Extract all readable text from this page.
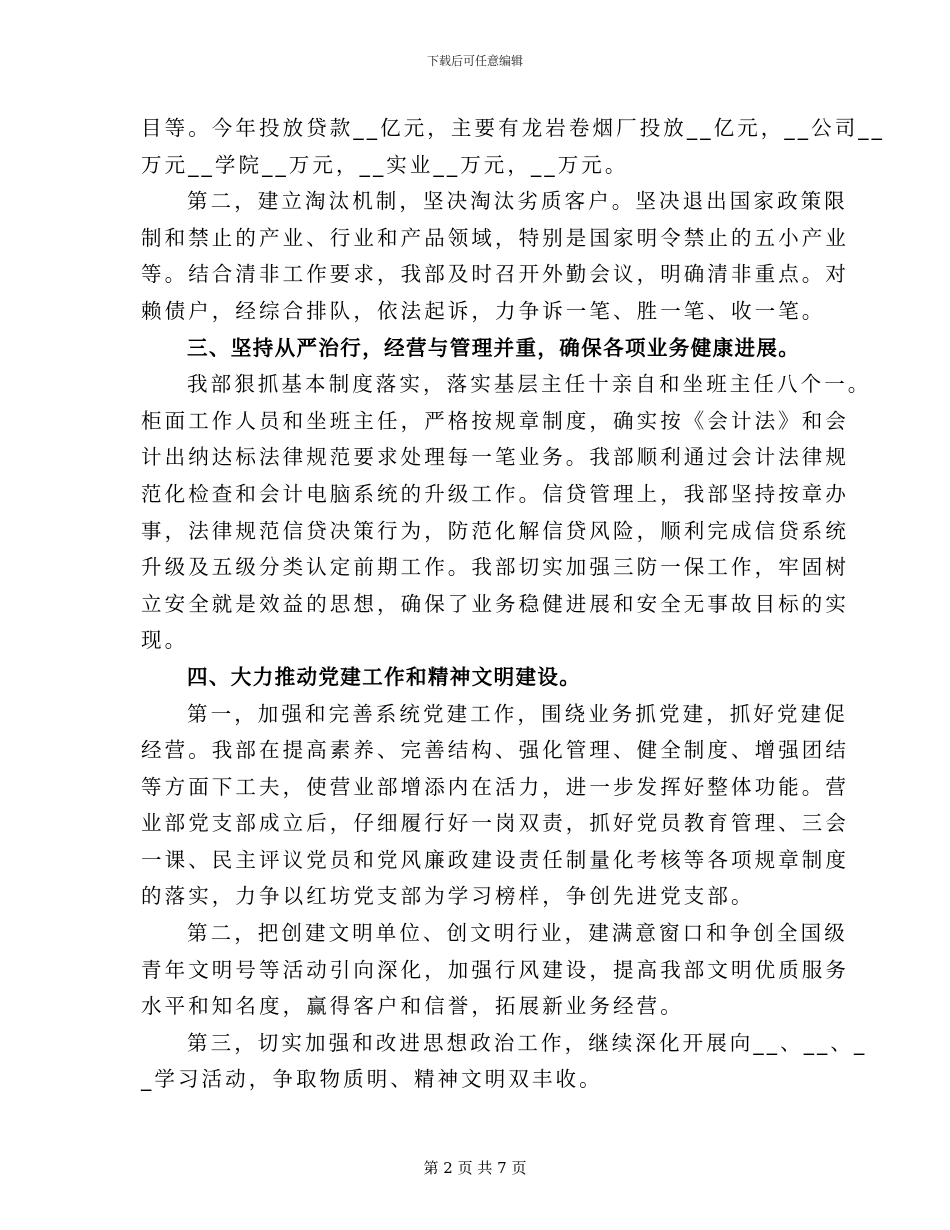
下载后可任意编辑
目等。今年投放贷款__亿元，主要有龙岩卷烟厂投放__亿元，__公司__
万元__学院__万元，__实业__万元，__万元。
第二，建立淘汰机制，坚决淘汰劣质客户。坚决退出国家政策限
制和禁止的产业、行业和产品领域，特别是国家明令禁止的五小产业
等。结合清非工作要求，我部及时召开外勤会议，明确清非重点。对
赖债户，经综合排队，依法起诉，力争诉一笔、胜一笔、收一笔。
三、坚持从严治行，经营与管理并重，确保各项业务健康进展。
我部狠抓基本制度落实，落实基层主任十亲自和坐班主任八个一。
柜面工作人员和坐班主任，严格按规章制度，确实按《会计法》和会
计出纳达标法律规范要求处理每一笔业务。我部顺利通过会计法律规
范化检查和会计电脑系统的升级工作。信贷管理上，我部坚持按章办
事，法律规范信贷决策行为，防范化解信贷风险，顺利完成信贷系统
升级及五级分类认定前期工作。我部切实加强三防一保工作，牢固树
立安全就是效益的思想，确保了业务稳健进展和安全无事故目标的实
现。
四、大力推动党建工作和精神文明建设。
第一，加强和完善系统党建工作，围绕业务抓党建，抓好党建促
经营。我部在提高素养、完善结构、强化管理、健全制度、增强团结
等方面下工夫，使营业部增添内在活力，进一步发挥好整体功能。营
业部党支部成立后，仔细履行好一岗双责，抓好党员教育管理、三会
一课、民主评议党员和党风廉政建设责任制量化考核等各项规章制度
的落实，力争以红坊党支部为学习榜样，争创先进党支部。
第二，把创建文明单位、创文明行业，建满意窗口和争创全国级
青年文明号等活动引向深化，加强行风建设，提高我部文明优质服务
水平和知名度，赢得客户和信誉，拓展新业务经营。
第三，切实加强和改进思想政治工作，继续深化开展向__、__、_
_学习活动，争取物质明、精神文明双丰收。
第 2 页 共 7 页
